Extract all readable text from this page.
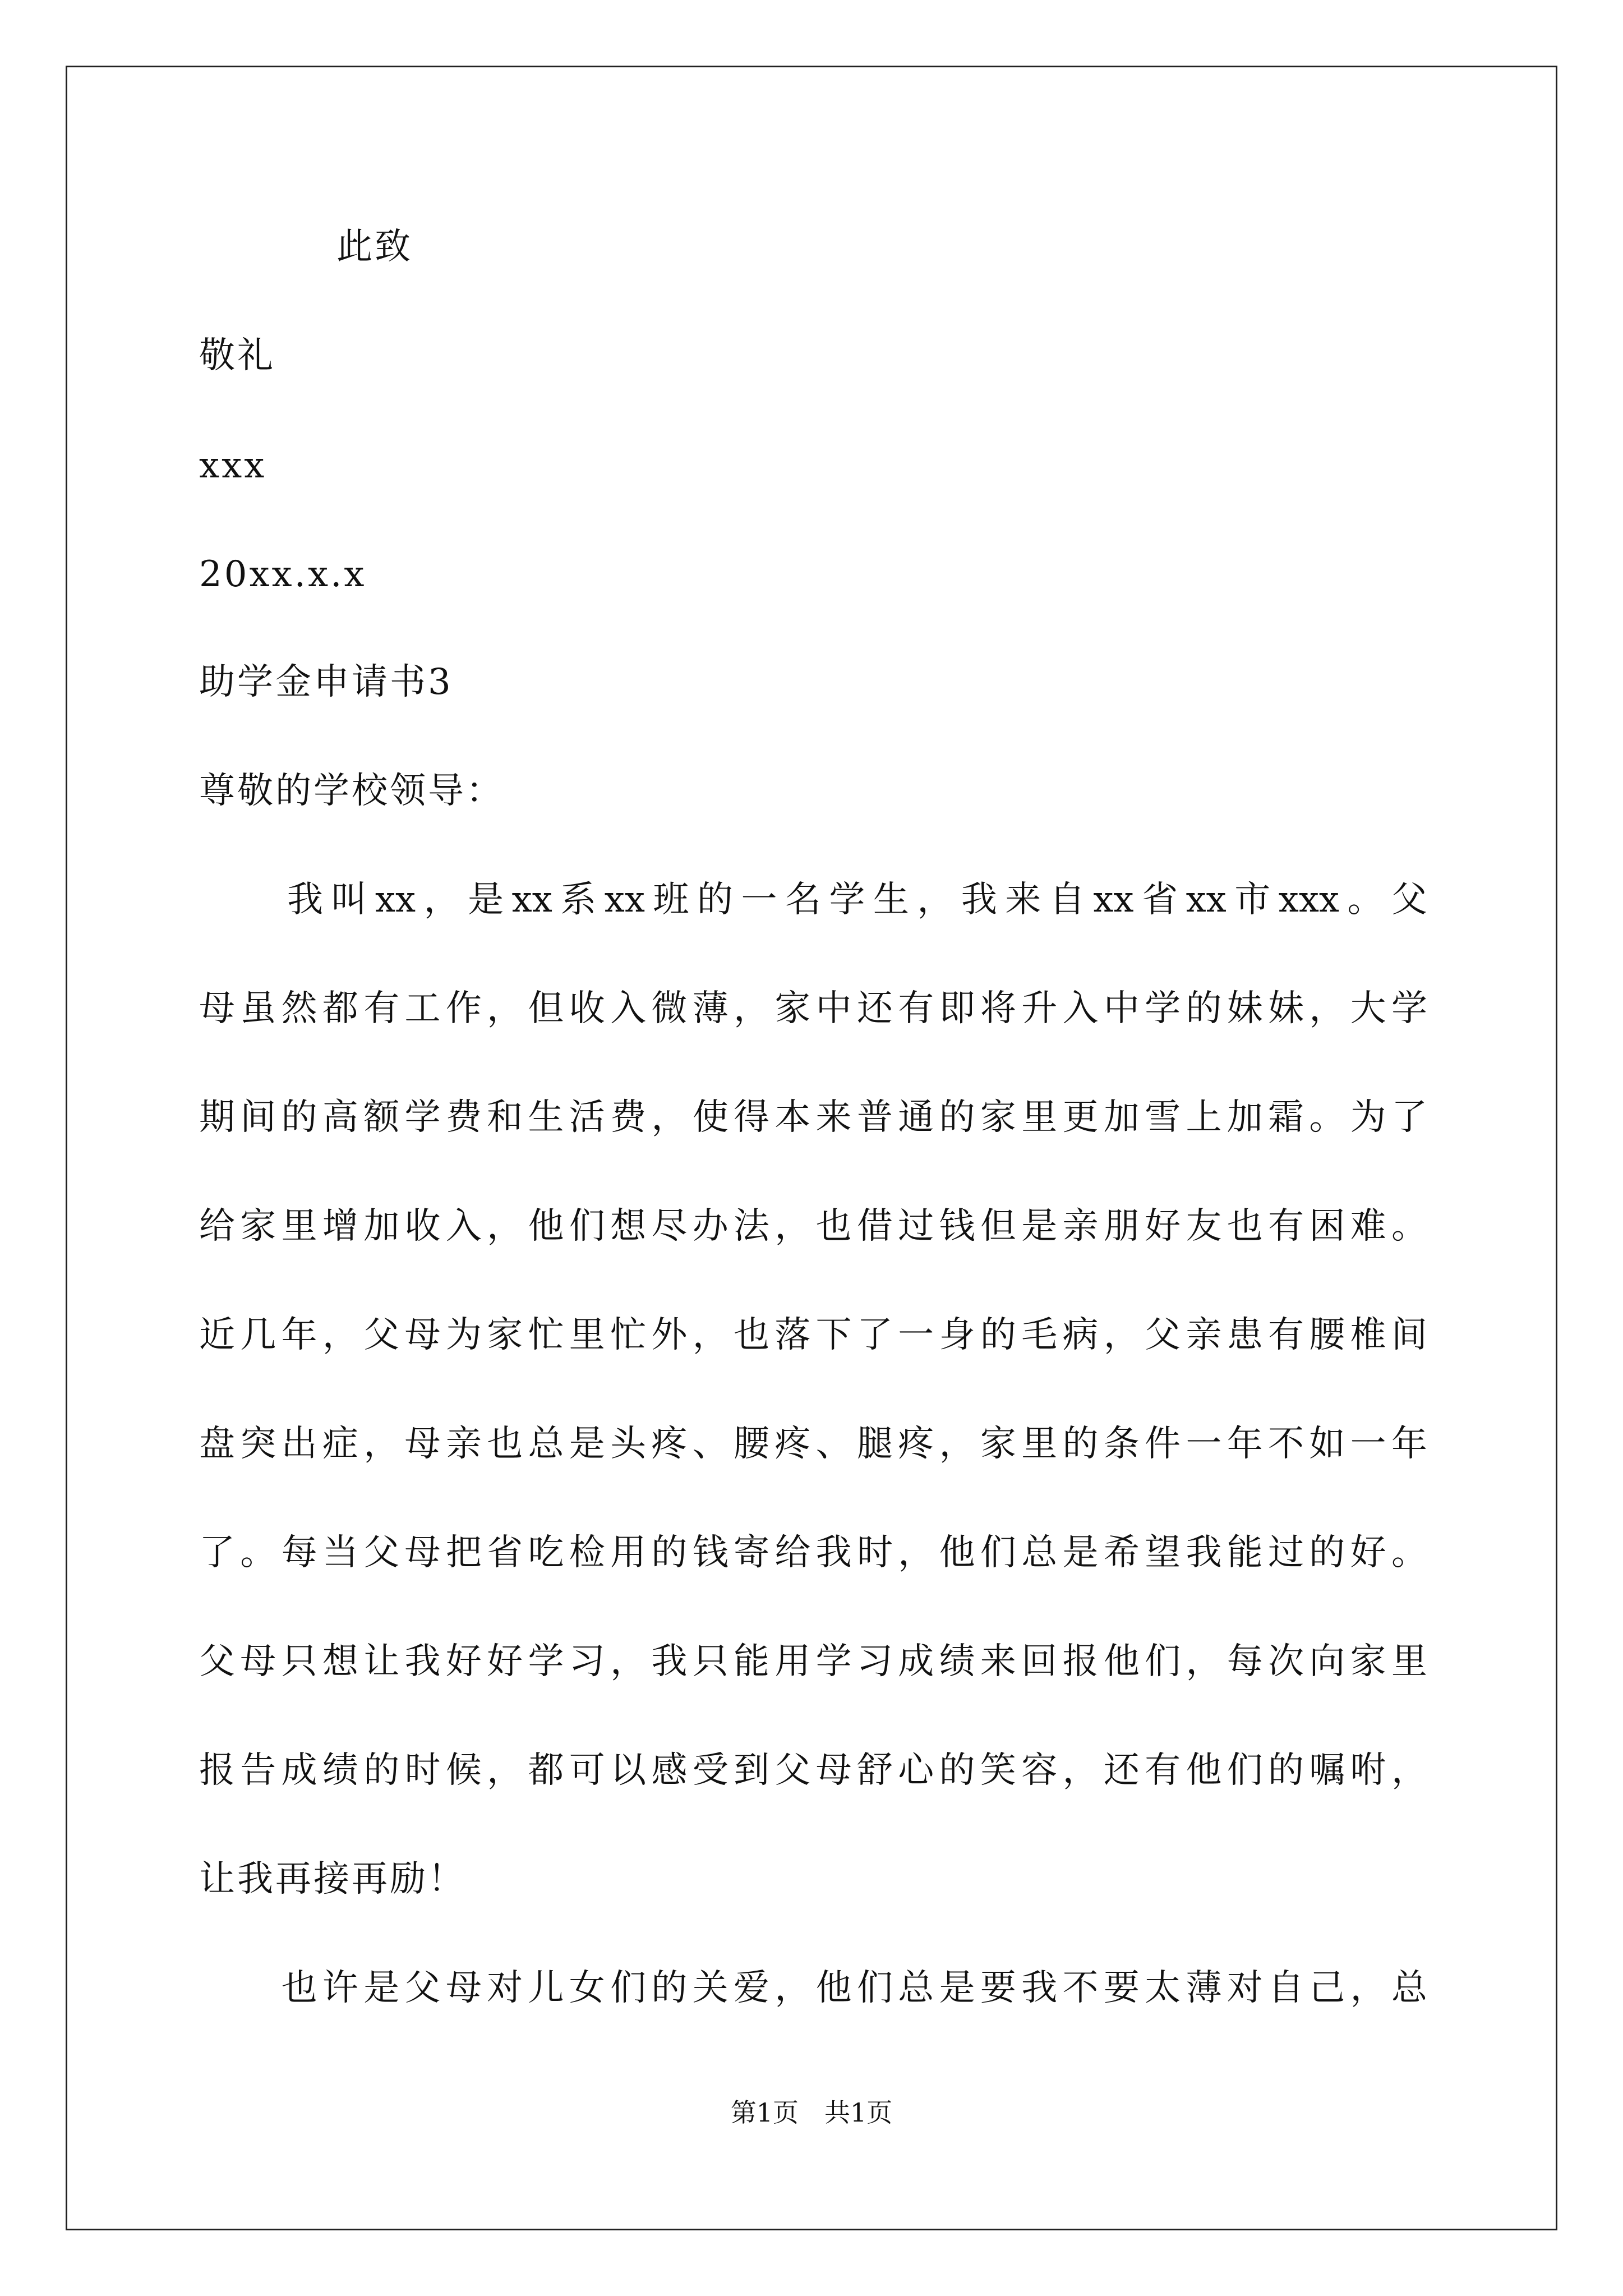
此致
敬礼
xxx
20xx.x.x
助学金申请书3
尊敬的学校领导：
　　我叫xx，是xx系xx班的一名学生，我来自xx省xx市xxx。父
母虽然都有工作，但收入微薄，家中还有即将升入中学的妹妹，大学
期间的高额学费和生活费，使得本来普通的家里更加雪上加霜。为了
给家里增加收入，他们想尽办法，也借过钱但是亲朋好友也有困难。
近几年，父母为家忙里忙外，也落下了一身的毛病，父亲患有腰椎间
盘突出症，母亲也总是头疼、腰疼、腿疼，家里的条件一年不如一年
了。每当父母把省吃检用的钱寄给我时，他们总是希望我能过的好。
父母只想让我好好学习，我只能用学习成绩来回报他们，每次向家里
报告成绩的时候，都可以感受到父母舒心的笑容，还有他们的嘱咐，
让我再接再励！
　　也许是父母对儿女们的关爱，他们总是要我不要太薄对自己，总
第1页　共1页
